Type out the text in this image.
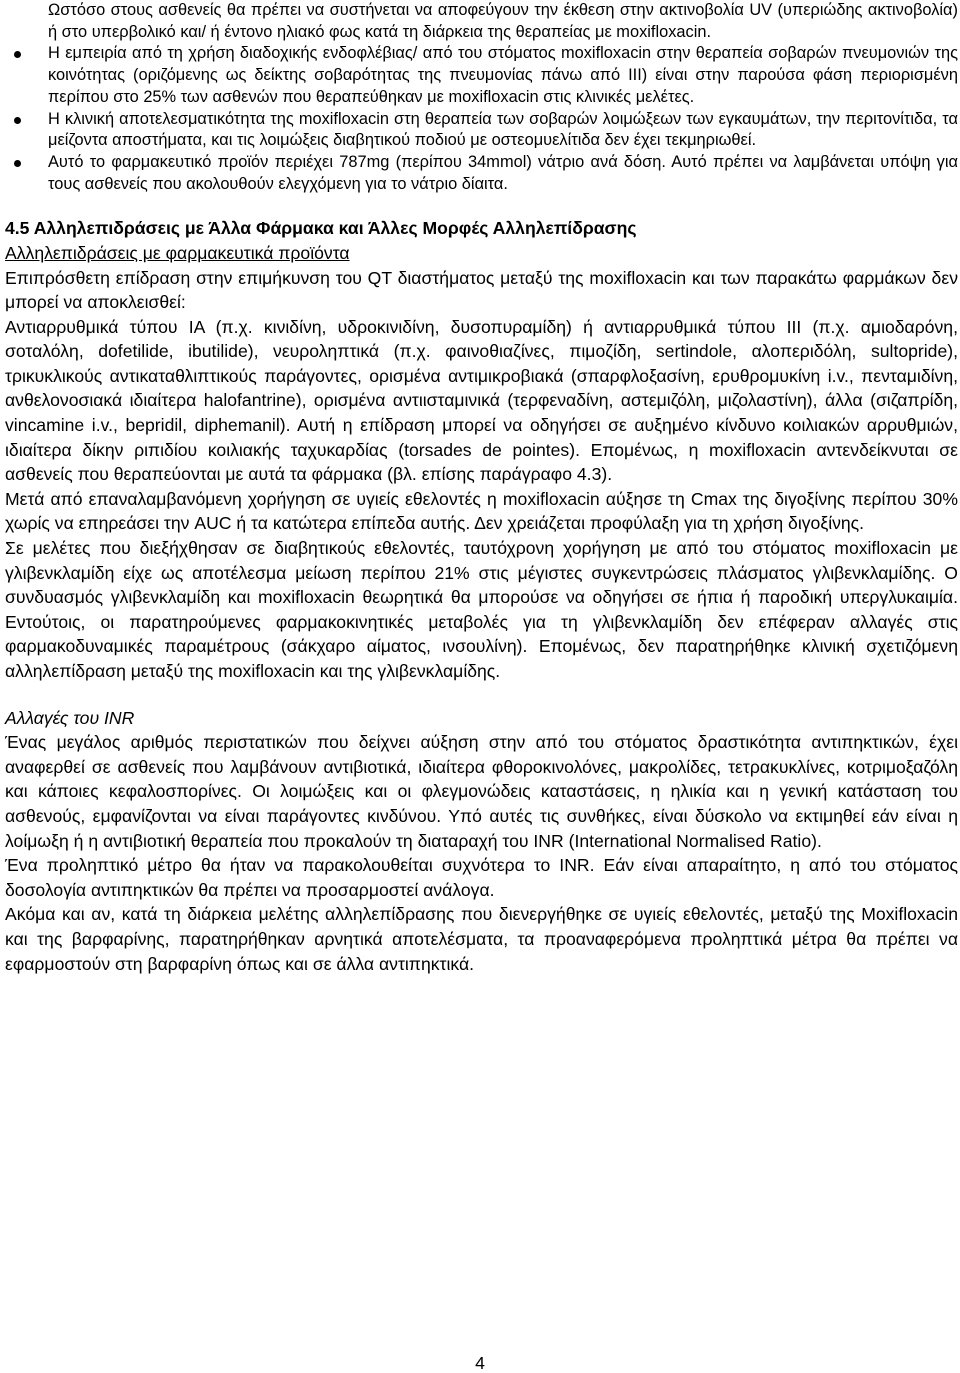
Ωστόσο στους ασθενείς θα πρέπει να συστήνεται να αποφεύγουν την έκθεση στην ακτινοβολία UV (υπεριώδης ακτινοβολία) ή στο υπερβολικό και/ ή έντονο ηλιακό φως κατά τη διάρκεια της θεραπείας με moxifloxacin.

Η εμπειρία από τη χρήση διαδοχικής ενδοφλέβιας/ από του στόματος moxifloxacin στην θεραπεία σοβαρών πνευμονιών της κοινότητας (οριζόμενης ως δείκτης σοβαρότητας της πνευμονίας πάνω από ΙΙΙ) είναι στην παρούσα φάση περιορισμένη περίπου στο 25% των ασθενών που θεραπεύθηκαν με moxifloxacin στις κλινικές μελέτες.
Η κλινική αποτελεσματικότητα της moxifloxacin στη θεραπεία των σοβαρών λοιμώξεων των εγκαυμάτων, την περιτονίτιδα, τα μείζοντα αποστήματα, και τις λοιμώξεις διαβητικού ποδιού με οστεομυελίτιδα δεν έχει τεκμηριωθεί.
Αυτό το φαρμακευτικό προϊόν περιέχει 787mg (περίπου 34mmol) νάτριο ανά δόση. Αυτό πρέπει να λαμβάνεται υπόψη για τους ασθενείς που ακολουθούν ελεγχόμενη για το νάτριο δίαιτα.

4.5 Αλληλεπιδράσεις με Άλλα Φάρμακα και Άλλες Μορφές Αλληλεπίδρασης

Αλληλεπιδράσεις με φαρμακευτικά προϊόντα

Επιπρόσθετη επίδραση στην επιμήκυνση του QT διαστήματος μεταξύ της moxifloxacin και των παρακάτω φαρμάκων δεν μπορεί να αποκλεισθεί:

Αντιαρρυθμικά τύπου ΙΑ (π.χ. κινιδίνη, υδροκινιδίνη, δυσοπυραμίδη) ή αντιαρρυθμικά τύπου ΙΙΙ (π.χ. αμιοδαρόνη, σοταλόλη, dofetilide, ibutilide), νευροληπτικά (π.χ. φαινοθιαζίνες, πιμοζίδη, sertindole, αλοπεριδόλη, sultopride), τρικυκλικούς αντικαταθλιπτικούς παράγοντες, ορισμένα αντιμικροβιακά (σπαρφλοξασίνη, ερυθρομυκίνη i.v., πενταμιδίνη, ανθελονοσιακά ιδιαίτερα halofantrine), ορισμένα αντιισταμινικά (τερφεναδίνη, αστεμιζόλη, μιζολαστίνη), άλλα (σιζαπρίδη, vincamine i.v., bepridil, diphemanil). Αυτή η επίδραση μπορεί να οδηγήσει σε αυξημένο κίνδυνο κοιλιακών αρρυθμιών, ιδιαίτερα δίκην ριπιδίου κοιλιακής ταχυκαρδίας (torsades de pointes). Επομένως, η moxifloxacin αντενδείκνυται σε ασθενείς που θεραπεύονται με αυτά τα φάρμακα (βλ. επίσης παράγραφο 4.3).

Μετά από επαναλαμβανόμενη χορήγηση σε υγιείς εθελοντές η moxifloxacin αύξησε τη Cmax της διγοξίνης περίπου 30% χωρίς να επηρεάσει την AUC ή τα κατώτερα επίπεδα αυτής. Δεν χρειάζεται προφύλαξη για τη χρήση διγοξίνης.

Σε μελέτες που διεξήχθησαν σε διαβητικούς εθελοντές, ταυτόχρονη χορήγηση με από του στόματος moxifloxacin με γλιβενκλαμίδη είχε ως αποτέλεσμα μείωση περίπου 21% στις μέγιστες συγκεντρώσεις πλάσματος γλιβενκλαμίδης. Ο συνδυασμός γλιβενκλαμίδη και moxifloxacin θεωρητικά θα μπορούσε να οδηγήσει σε ήπια ή παροδική υπεργλυκαιμία. Εντούτοις, οι παρατηρούμενες φαρμακοκινητικές μεταβολές για τη γλιβενκλαμίδη δεν επέφεραν αλλαγές στις φαρμακοδυναμικές παραμέτρους (σάκχαρο αίματος, ινσουλίνη). Επομένως, δεν παρατηρήθηκε κλινική σχετιζόμενη αλληλεπίδραση μεταξύ της moxifloxacin και της γλιβενκλαμίδης.

Αλλαγές του INR

Ένας μεγάλος αριθμός περιστατικών που δείχνει αύξηση στην από του στόματος δραστικότητα αντιπηκτικών, έχει αναφερθεί σε ασθενείς που λαμβάνουν αντιβιοτικά, ιδιαίτερα φθοροκινολόνες, μακρολίδες, τετρακυκλίνες, κοτριμοξαζόλη και κάποιες κεφαλοσπορίνες. Οι λοιμώξεις και οι φλεγμονώδεις καταστάσεις, η ηλικία και η γενική κατάσταση του ασθενούς, εμφανίζονται να είναι παράγοντες κινδύνου. Υπό αυτές τις συνθήκες, είναι δύσκολο να εκτιμηθεί εάν είναι η λοίμωξη ή η αντιβιοτική θεραπεία που προκαλούν τη διαταραχή του INR (International Normalised Ratio).

Ένα προληπτικό μέτρο θα ήταν να παρακολουθείται συχνότερα το INR. Εάν είναι απαραίτητο, η από του στόματος δοσολογία αντιπηκτικών θα πρέπει να προσαρμοστεί ανάλογα.

Ακόμα και αν, κατά τη διάρκεια μελέτης αλληλεπίδρασης που διενεργήθηκε σε υγιείς εθελοντές, μεταξύ της Moxifloxacin και της βαρφαρίνης, παρατηρήθηκαν αρνητικά αποτελέσματα, τα προαναφερόμενα προληπτικά μέτρα θα πρέπει να εφαρμοστούν στη βαρφαρίνη όπως και σε άλλα αντιπηκτικά.

4
